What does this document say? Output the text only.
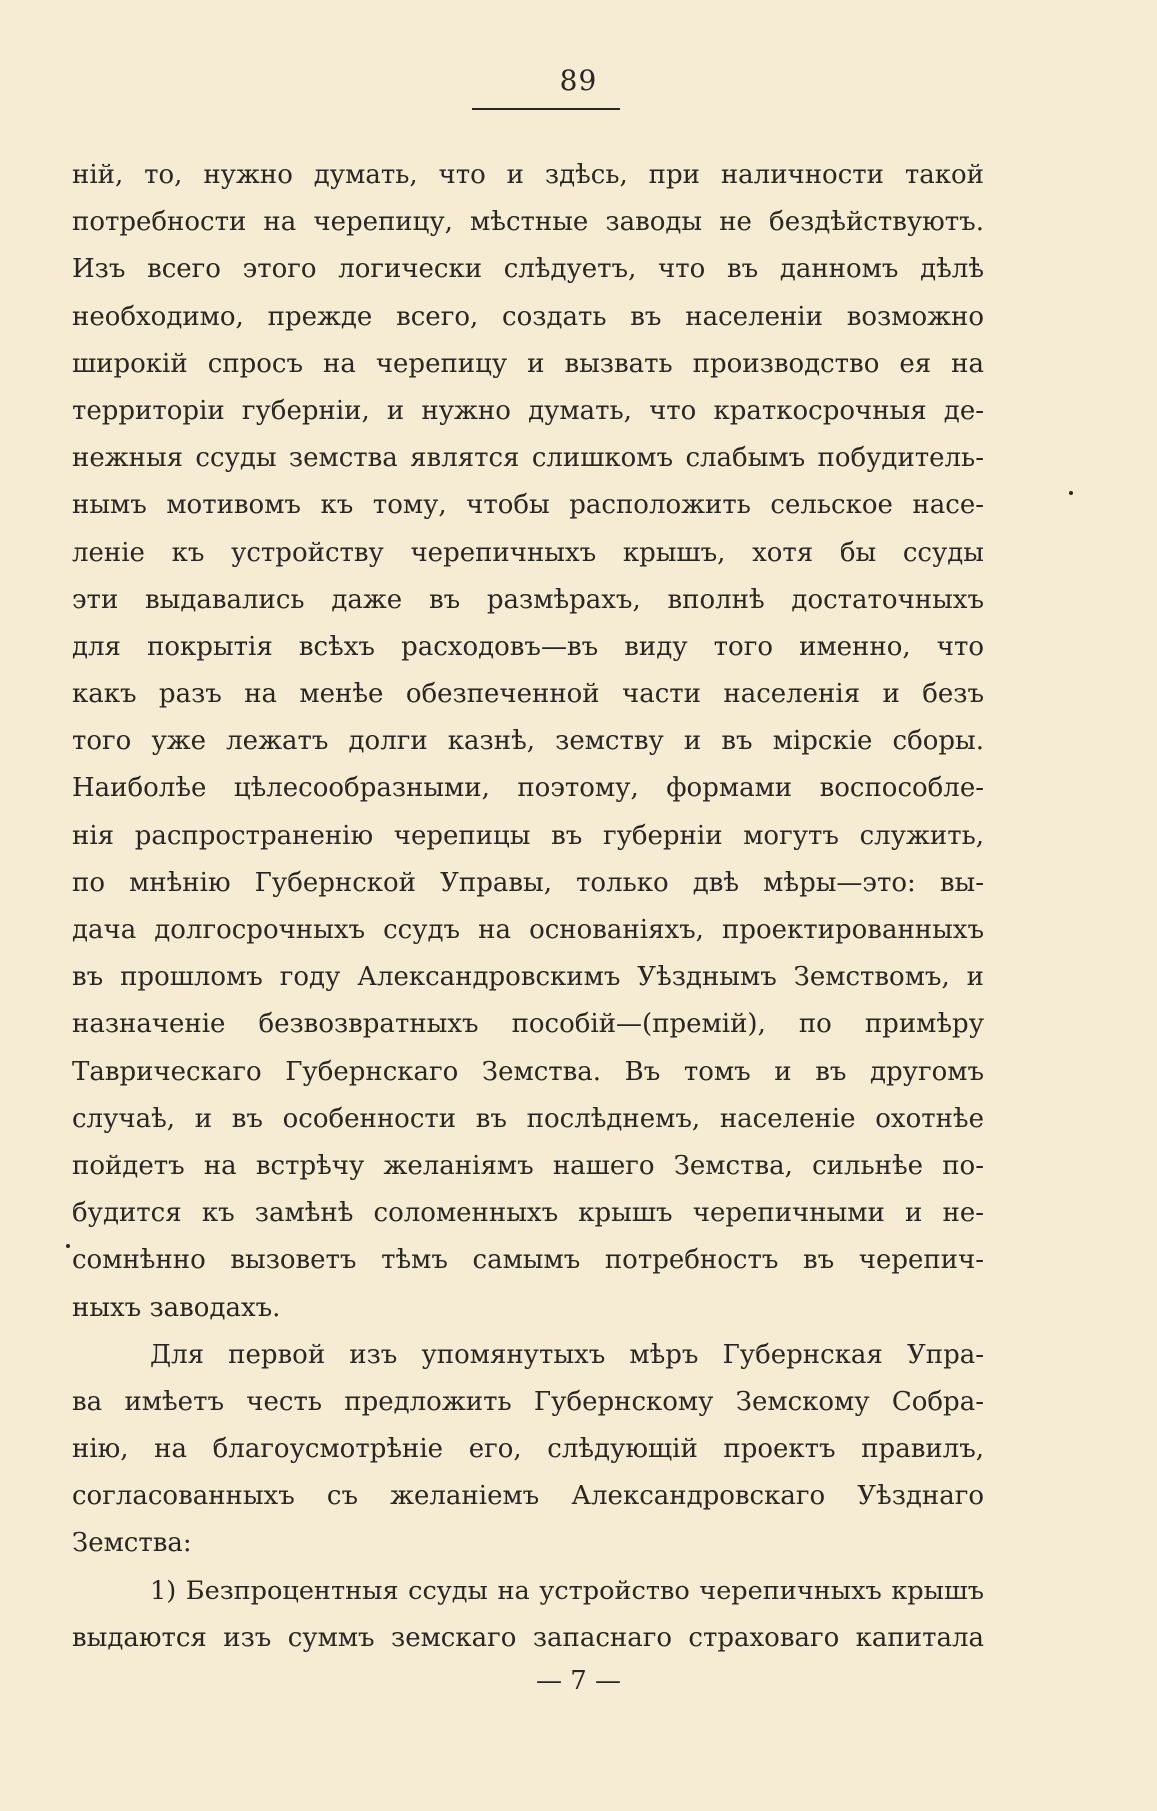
89
ній, то, нужно думать, что и здѣсь, при наличности такой
потребности на черепицу, мѣстные заводы не бездѣйствуютъ.
Изъ всего этого логически слѣдуетъ, что въ данномъ дѣлѣ
необходимо, прежде всего, создать въ населеніи возможно
широкій спросъ на черепицу и вызвать производство ея на
территоріи губерніи, и нужно думать, что краткосрочныя де-
нежныя ссуды земства являтся слишкомъ слабымъ побудитель-
нымъ мотивомъ къ тому, чтобы расположить сельское насе-
леніе къ устройству черепичныхъ крышъ, хотя бы ссуды
эти выдавались даже въ размѣрахъ, вполнѣ достаточныхъ
для покрытія всѣхъ расходовъ—въ виду того именно, что
какъ разъ на менѣе обезпеченной части населенія и безъ
того уже лежатъ долги казнѣ, земству и въ мірскіе сборы.
Наиболѣе цѣлесообразными, поэтому, формами воспособле-
нія распространенію черепицы въ губерніи могутъ служить,
по мнѣнію Губернской Управы, только двѣ мѣры—это: вы-
дача долгосрочныхъ ссудъ на основаніяхъ, проектированныхъ
въ прошломъ году Александровскимъ Уѣзднымъ Земствомъ, и
назначеніе безвозвратныхъ пособій—(премій), по примѣру
Таврическаго Губернскаго Земства. Въ томъ и въ другомъ
случаѣ, и въ особенности въ послѣднемъ, населеніе охотнѣе
пойдетъ на встрѣчу желаніямъ нашего Земства, сильнѣе по-
будится къ замѣнѣ соломенныхъ крышъ черепичными и не-
сомнѣнно вызоветъ тѣмъ самымъ потребностъ въ черепич-
ныхъ заводахъ.
Для первой изъ упомянутыхъ мѣръ Губернская Упра-
ва имѣетъ честь предложить Губернскому Земскому Собра-
нію, на благоусмотрѣніе его, слѣдующій проектъ правилъ,
согласованныхъ съ желаніемъ Александровскаго Уѣзднаго
Земства:
1) Безпроцентныя ссуды на устройство черепичныхъ крышъ
выдаются изъ суммъ земскаго запаснаго страховаго капитала
— 7 —
